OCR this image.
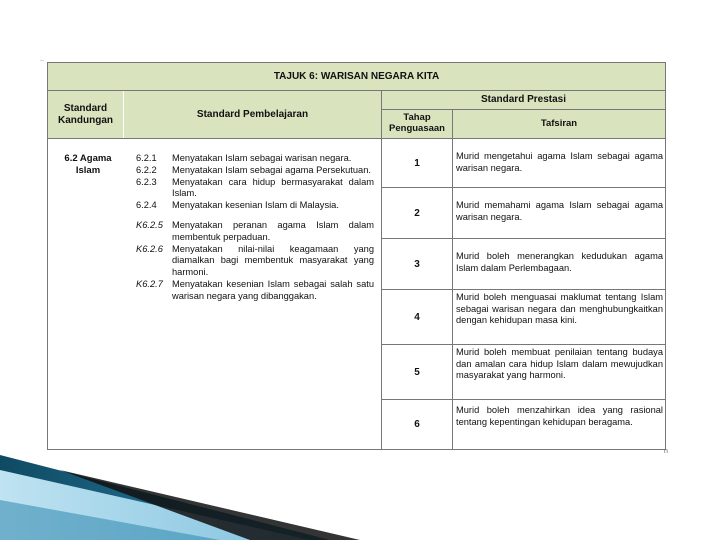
..
TAJUK 6: WARISAN NEGARA KITA
Standard Kandungan
Standard Pembelajaran
Standard Prestasi
Tahap Penguasaan	Tafsiran
6.2 Agama Islam
6.2.1	Menyatakan Islam sebagai warisan negara.
6.2.2	Menyatakan Islam sebagai agama Persekutuan.
6.2.3	Menyatakan cara hidup bermasyarakat dalam Islam.
6.2.4	Menyatakan kesenian Islam di Malaysia.
K6.2.5 Menyatakan peranan agama Islam dalam membentuk perpaduan.
K6.2.6 Menyatakan nilai-nilai keagamaan yang diamalkan bagi membentuk masyarakat yang harmoni.
K6.2.7 Menyatakan kesenian Islam sebagai salah satu warisan negara yang dibanggakan.
1
Murid mengetahui agama Islam sebagai agama warisan negara.
2
Murid memahami agama Islam sebagai agama warisan negara.
3
Murid boleh menerangkan kedudukan agama Islam dalam Perlembagaan.
4
Murid boleh menguasai maklumat tentang Islam sebagai warisan negara dan menghubungkaitkan dengan kehidupan masa kini.
5
Murid boleh membuat penilaian tentang budaya dan amalan cara hidup Islam dalam mewujudkan masyarakat yang harmoni.
6
Murid boleh menzahirkan idea yang rasional tentang kepentingan kehidupan beragama.
n
